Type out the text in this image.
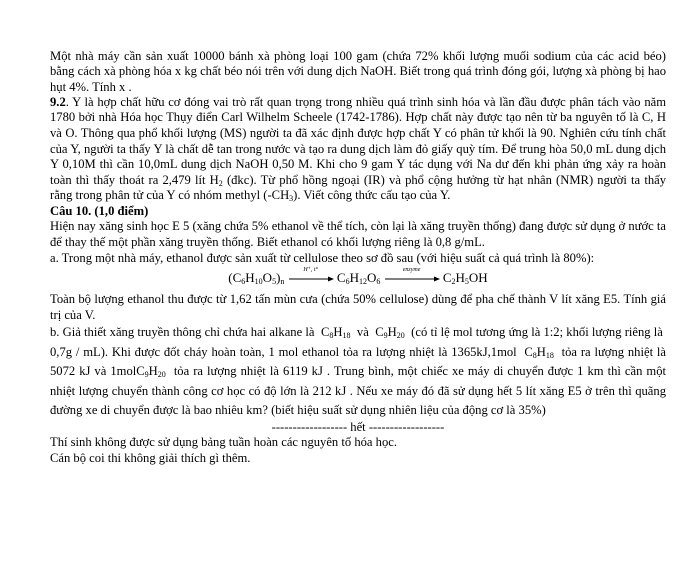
Một nhà máy cần sản xuất 10000 bánh xà phòng loại 100 gam (chứa 72% khối lượng muối sodium của các acid béo) bằng cách xà phòng hóa x kg chất béo nói trên với dung dịch NaOH. Biết trong quá trình đóng gói, lượng xà phòng bị hao hụt 4%. Tính x .

9.2. Y là hợp chất hữu cơ đóng vai trò rất quan trọng trong nhiều quá trình sinh hóa và lần đầu được phân tách vào năm 1780 bởi nhà Hóa học Thụy điển Carl Wilhelm Scheele (1742-1786). Hợp chất này được tạo nên từ ba nguyên tố là C, H và O. Thông qua phổ khối lượng (MS) người ta đã xác định được hợp chất Y có phân tử khối là 90. Nghiên cứu tính chất của Y, người ta thấy Y là chất dễ tan trong nước và tạo ra dung dịch làm đỏ giấy quỳ tím. Để trung hòa 50,0 mL dung dịch Y 0,10M thì cần 10,0mL dung dịch NaOH 0,50 M. Khi cho 9 gam Y tác dụng với Na dư đến khi phản ứng xảy ra hoàn toàn thì thấy thoát ra 2,479 lít $H_2$ (đkc). Từ phổ hồng ngoại (IR) và phổ cộng hưởng từ hạt nhân (NMR) người ta thấy rằng trong phân tử của Y có nhóm methyl $(-CH_3)$. Viết công thức cấu tạo của Y.

Câu 10. (1,0 điểm)

Hiện nay xăng sinh học E 5 (xăng chứa 5% ethanol về thể tích, còn lại là xăng truyền thống) đang được sử dụng ở nước ta để thay thế một phần xăng truyền thống. Biết ethanol có khối lượng riêng là 0,8 g/mL.

a. Trong một nhà máy, ethanol được sản xuất từ cellulose theo sơ đồ sau (với hiệu suất cả quá trình là 80%):

$(C_6H_{10}O_5)_n$
H⁺, t°	$C_6H_{12}O_6$
enzyme	$C_2H_5OH$

Toàn bộ lượng ethanol thu được từ 1,62 tấn mùn cưa (chứa 50% cellulose) dùng để pha chế thành V lít xăng E5. Tính giá trị của V.

b. Giả thiết xăng truyền thông chỉ chứa hai alkane là $C_8H_{18}$ và $C_9H_{20}$ (có tỉ lệ mol tương ứng là 1:2; khối lượng riêng là  0,7g / mL). Khi được đốt cháy hoàn toàn, 1 mol ethanol tỏa ra lượng nhiệt là 1365kJ,1mol $C_8H_{18}$ tỏa ra lượng nhiệt là 5072 kJ và $1molC_9H_{20}$ tỏa ra lượng nhiệt là 6119 kJ . Trung bình, một chiếc xe máy di chuyển được 1 km thì cần một nhiệt lượng chuyển thành công cơ học có độ lớn là 212 kJ . Nếu xe máy đó đã sử dụng hết 5 lít xăng E5 ở trên thì quãng đường xe di chuyển được là bao nhiêu km? (biết hiệu suất sử dụng nhiên liệu của động cơ là 35%)

------------------ hết ------------------

Thí sinh không được sử dụng bảng tuần hoàn các nguyên tố hóa học.

Cán bộ coi thi không giải thích gì thêm.
